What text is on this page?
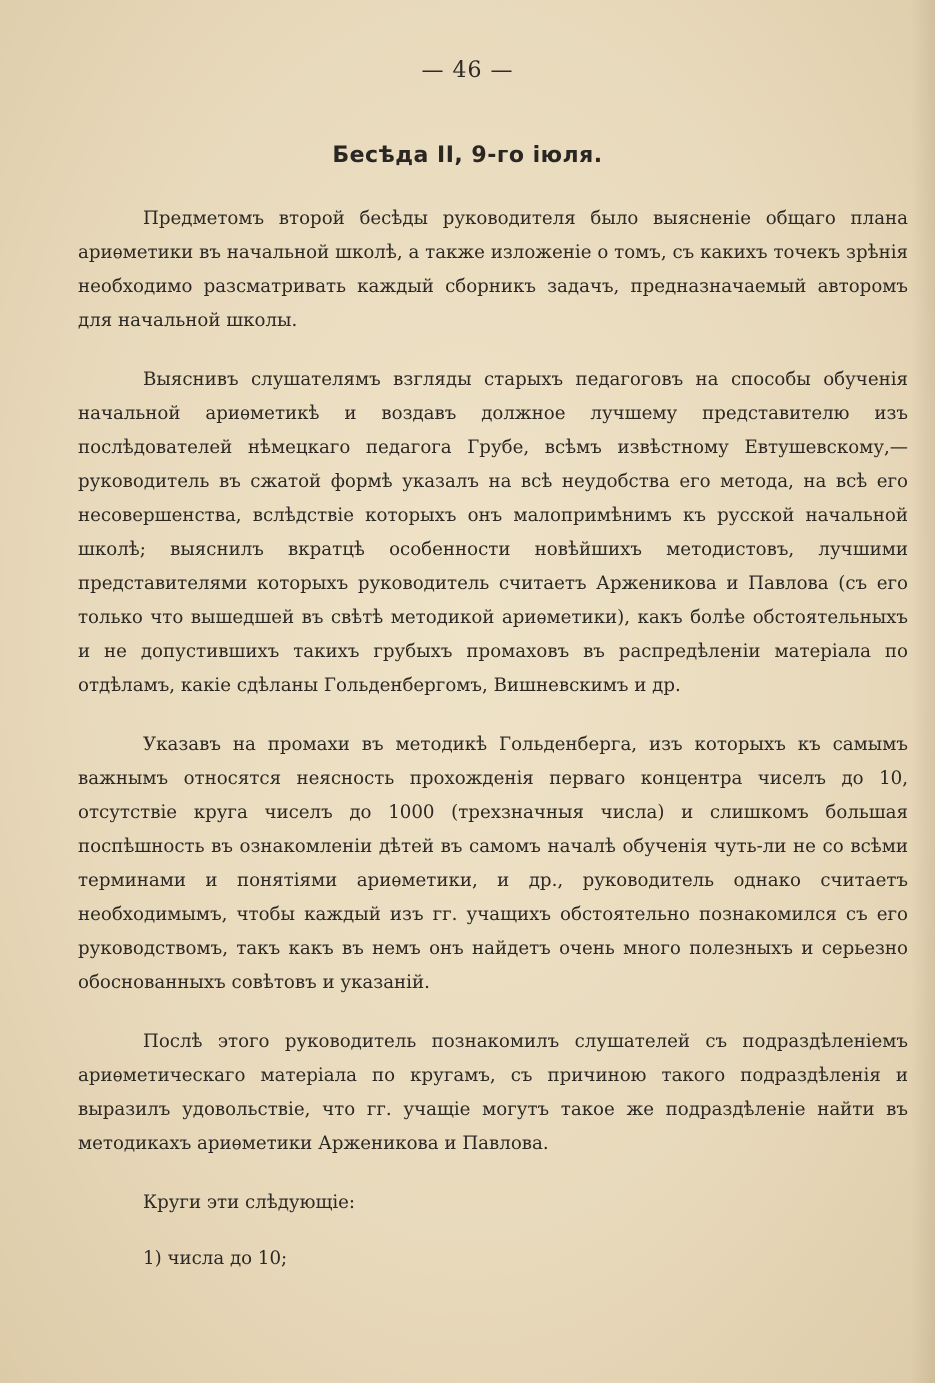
— 46 —
Бесѣда II, 9-го іюля.

Предметомъ второй бесѣды руководителя было выясненіе общаго плана ариѳметики въ начальной школѣ, а также изложеніе о томъ, съ какихъ точекъ зрѣнія необходимо разсматривать каждый сборникъ задачъ, предназначаемый авторомъ для начальной школы.

Выяснивъ слушателямъ взгляды старыхъ педагоговъ на способы обученія начальной ариѳметикѣ и воздавъ должное лучшему представителю изъ послѣдователей нѣмецкаго педагога Грубе, всѣмъ извѣстному Евтушевскому,—руководитель въ сжатой формѣ указалъ на всѣ неудобства его метода, на всѣ его несовершенства, вслѣдствіе которыхъ онъ малопримѣнимъ къ русской начальной школѣ; выяснилъ вкратцѣ особенности новѣйшихъ методистовъ, лучшими представителями которыхъ руководитель считаетъ Арженикова и Павлова (съ его только что вышедшей въ свѣтѣ методикой ариѳметики), какъ болѣе обстоятельныхъ и не допустившихъ такихъ грубыхъ промаховъ въ распредѣленіи матеріала по отдѣламъ, какіе сдѣланы Гольденбергомъ, Вишневскимъ и др.

Указавъ на промахи въ методикѣ Гольденберга, изъ которыхъ къ самымъ важнымъ относятся неясность прохожденія перваго концентра чиселъ до 10, отсутствіе круга чиселъ до 1000 (трехзначныя числа) и слишкомъ большая поспѣшность въ ознакомленіи дѣтей въ самомъ началѣ обученія чуть-ли не со всѣми терминами и понятіями ариѳметики, и др., руководитель однако считаетъ необходимымъ, чтобы каждый изъ гг. учащихъ обстоятельно познакомился съ его руководствомъ, такъ какъ въ немъ онъ найдетъ очень много полезныхъ и серьезно обоснованныхъ совѣтовъ и указаній.

Послѣ этого руководитель познакомилъ слушателей съ подраздѣленіемъ ариѳметическаго матеріала по кругамъ, съ причиною такого подраздѣленія и выразилъ удовольствіе, что гг. учащіе могутъ такое же подраздѣленіе найти въ методикахъ ариѳметики Арженикова и Павлова.

Круги эти слѣдующіе:

1) числа до 10;
